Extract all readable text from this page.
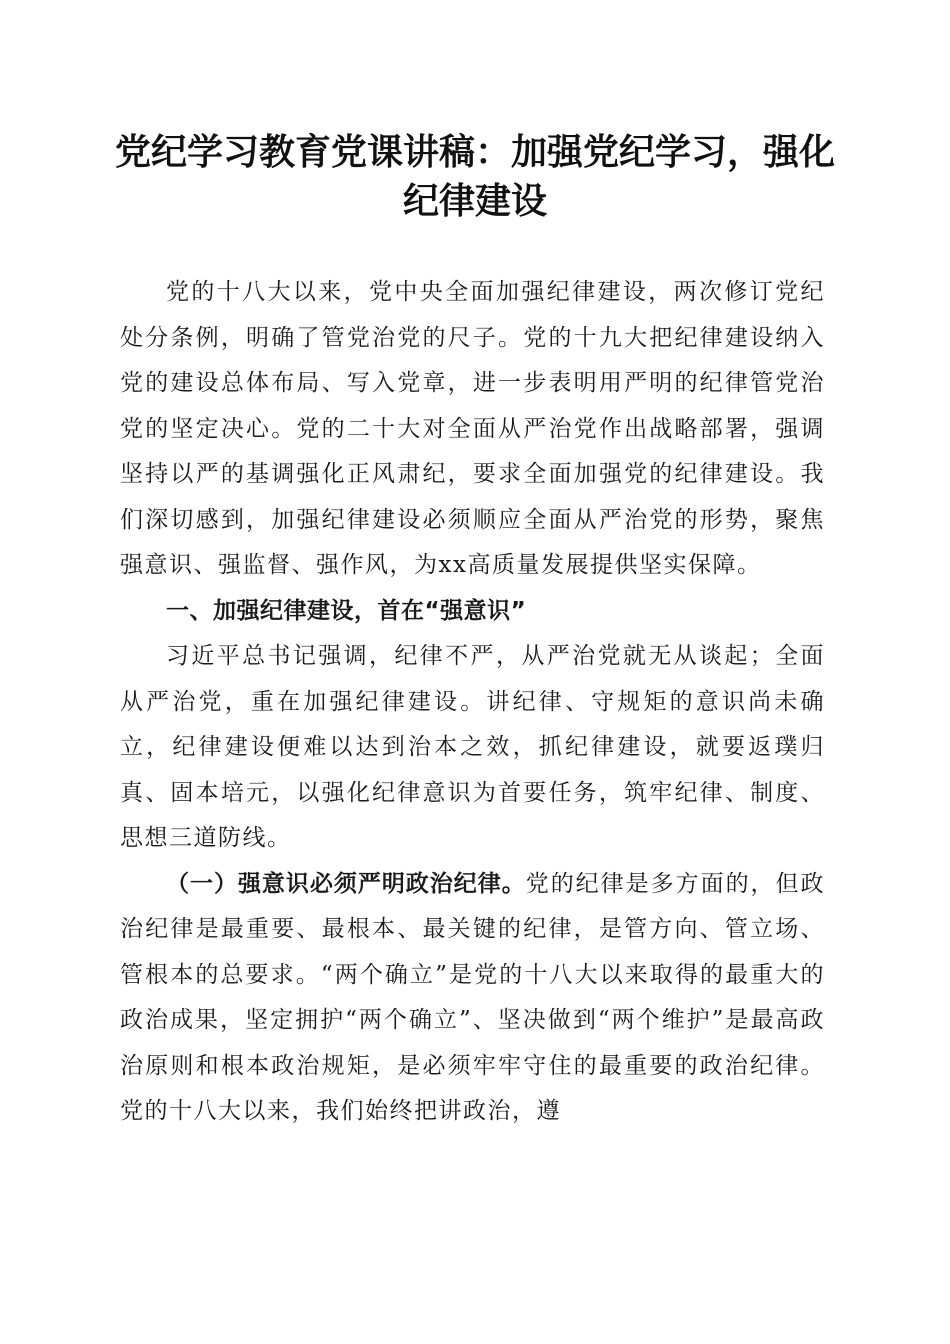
党纪学习教育党课讲稿：加强党纪学习，强化
纪律建设

党的十八大以来，党中央全面加强纪律建设，两次修订党纪处分条例，明确了管党治党的尺子。党的十九大把纪律建设纳入党的建设总体布局、写入党章，进一步表明用严明的纪律管党治党的坚定决心。党的二十大对全面从严治党作出战略部署，强调坚持以严的基调强化正风肃纪，要求全面加强党的纪律建设。我们深切感到，加强纪律建设必须顺应全面从严治党的形势，聚焦强意识、强监督、强作风，为xx高质量发展提供坚实保障。

一、加强纪律建设，首在“强意识”

习近平总书记强调，纪律不严，从严治党就无从谈起；全面从严治党，重在加强纪律建设。讲纪律、守规矩的意识尚未确立，纪律建设便难以达到治本之效，抓纪律建设，就要返璞归真、固本培元，以强化纪律意识为首要任务，筑牢纪律、制度、思想三道防线。

（一）强意识必须严明政治纪律。党的纪律是多方面的，但政治纪律是最重要、最根本、最关键的纪律，是管方向、管立场、管根本的总要求。“两个确立”是党的十八大以来取得的最重大的政治成果，坚定拥护“两个确立”、坚决做到“两个维护”是最高政治原则和根本政治规矩，是必须牢牢守住的最重要的政治纪律。党的十八大以来，我们始终把讲政治，遵
